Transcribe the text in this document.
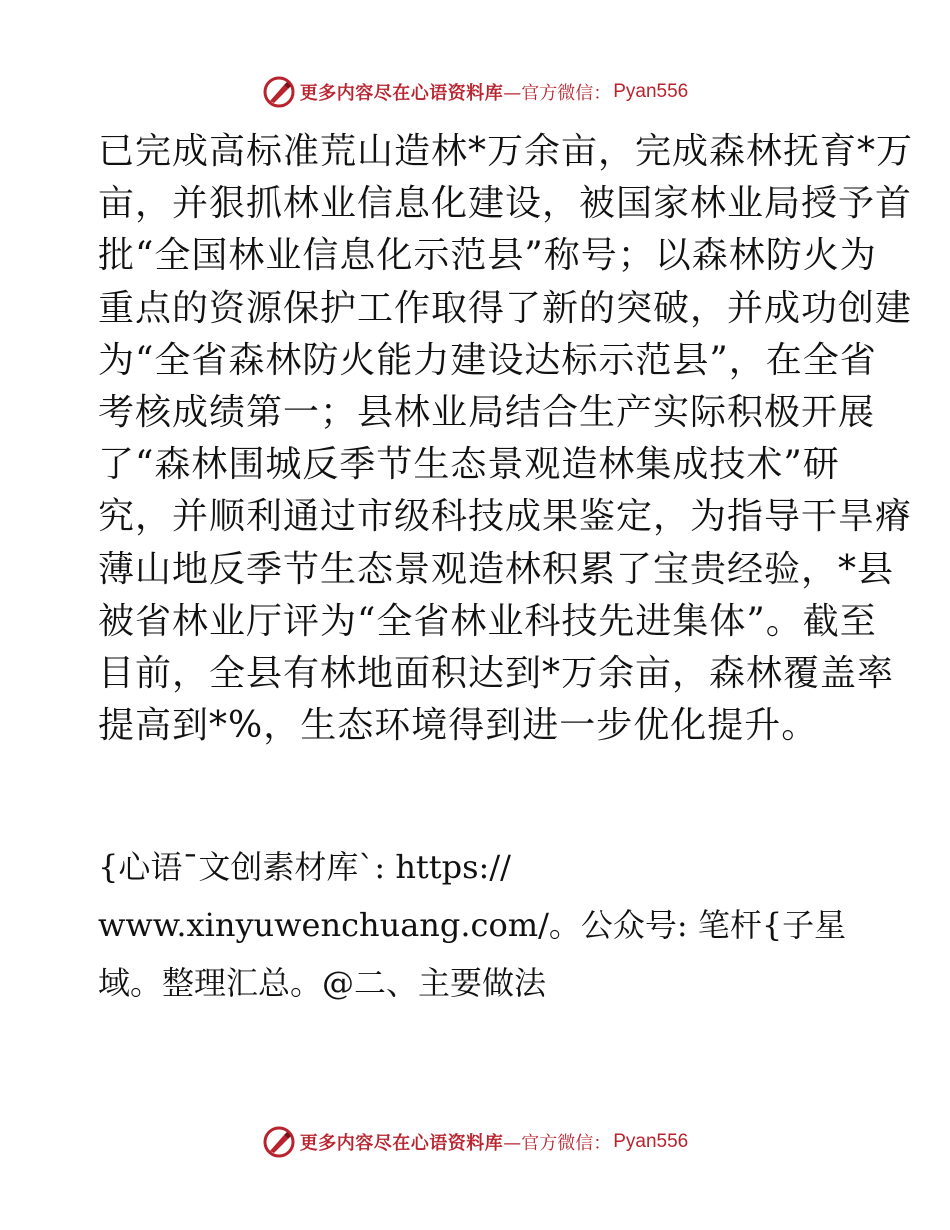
更多内容尽在心语资料库 —官方微信： Pyan556
已完成高标准荒山造林*万余亩，完成森林抚育*万
亩，并狠抓林业信息化建设，被国家林业局授予首
批“全国林业信息化示范县”称号；以森林防火为
重点的资源保护工作取得了新的突破，并成功创建
为“全省森林防火能力建设达标示范县”，在全省
考核成绩第一；县林业局结合生产实际积极开展
了“森林围城反季节生态景观造林集成技术”研
究，并顺利通过市级科技成果鉴定，为指导干旱瘠
薄山地反季节生态景观造林积累了宝贵经验，*县
被省林业厅评为“全省林业科技先进集体”。截至
目前，全县有林地面积达到*万余亩，森林覆盖率
提高到*%，生态环境得到进一步优化提升。
{心语¯文创素材库`: https://
www.xinyuwenchuang.com/。公众号: 笔杆{子星
域。整理汇总。@二、主要做法
更多内容尽在心语资料库 —官方微信： Pyan556
